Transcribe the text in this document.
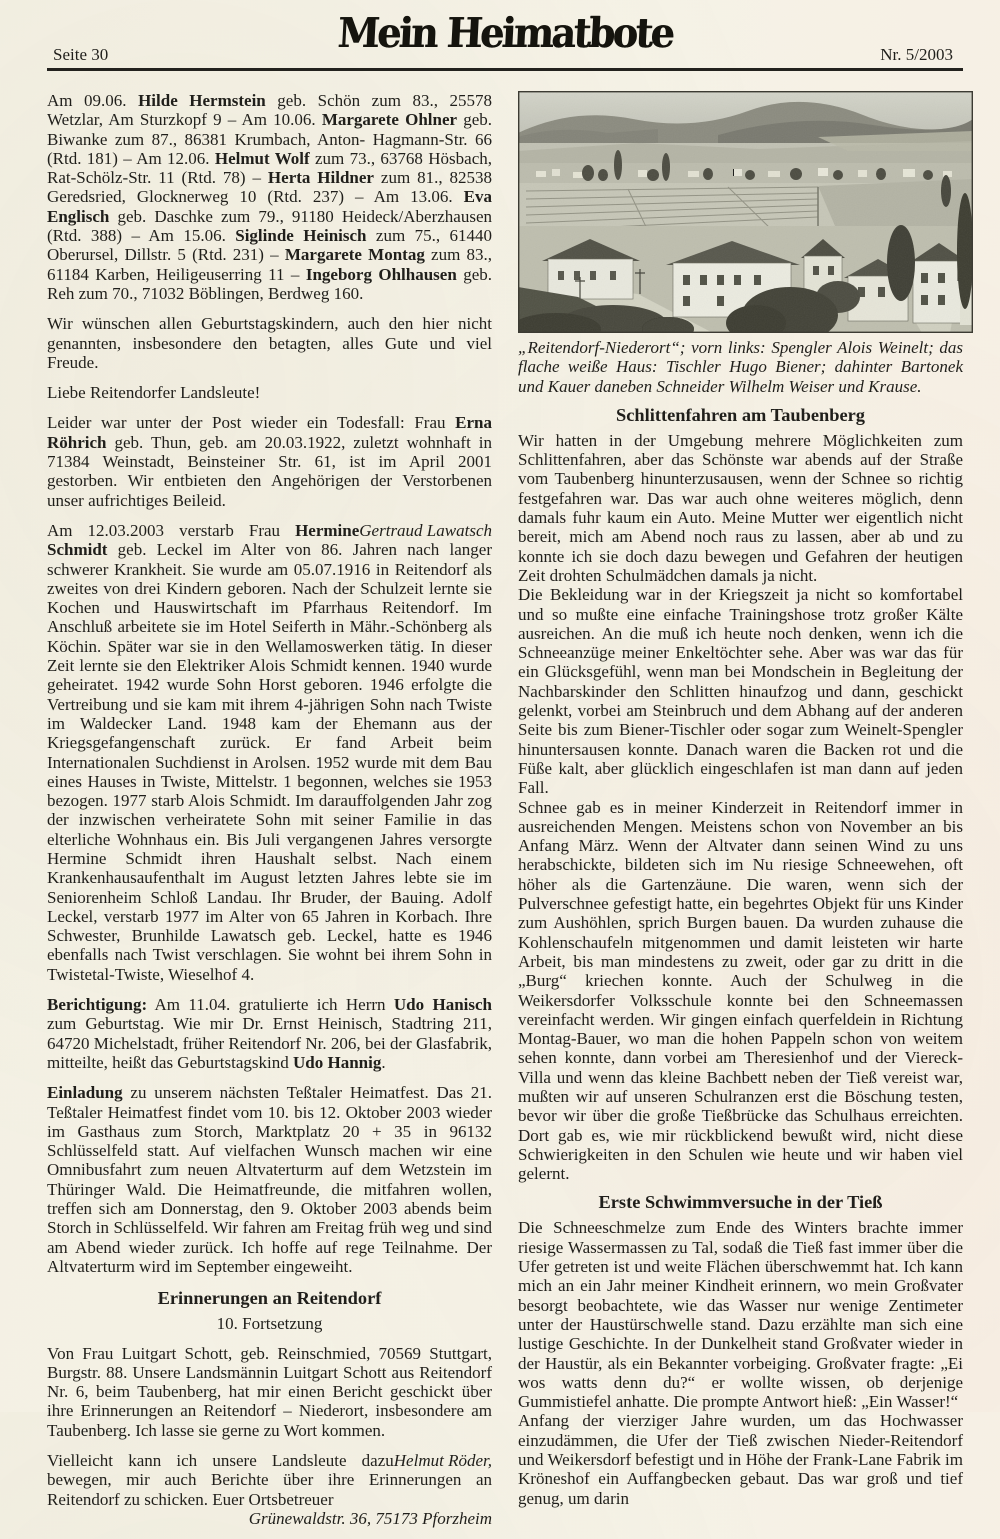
Seite 30	Mein Heimatbote	Nr. 5/2003

Am 09.06. Hilde Hermstein geb. Schön zum 83., 25578 Wetzlar, Am Sturzkopf 9 – Am 10.06. Margarete Ohlner geb. Biwanke zum 87., 86381 Krumbach, Anton- Hagmann-Str. 66 (Rtd. 181) – Am 12.06. Helmut Wolf zum 73., 63768 Hösbach, Rat-Schölz-Str. 11 (Rtd. 78) – Herta Hildner zum 81., 82538 Geredsried, Glocknerweg 10 (Rtd. 237) – Am 13.06. Eva Englisch geb. Daschke zum 79., 91180 Heideck/Aberzhausen (Rtd. 388) – Am 15.06. Siglinde Heinisch zum 75., 61440 Oberursel, Dillstr. 5 (Rtd. 231) – Margarete Montag zum 83., 61184 Karben, Heiligeuserring 11 – Ingeborg Ohlhausen geb. Reh zum 70., 71032 Böblingen, Berdweg 160.

Wir wünschen allen Geburtstagskindern, auch den hier nicht genannten, insbesondere den betagten, alles Gute und viel Freude.

Liebe Reitendorfer Landsleute!

Leider war unter der Post wieder ein Todesfall: Frau Erna Röhrich geb. Thun, geb. am 20.03.1922, zuletzt wohnhaft in 71384 Weinstadt, Beinsteiner Str. 61, ist im April 2001 gestorben. Wir entbieten den Angehörigen der Verstorbenen unser aufrichtiges Beileid.

Gertraud Lawatsch
Am 12.03.2003 verstarb Frau Hermine Schmidt geb. Leckel im Alter von 86. Jahren nach langer schwerer Krankheit. Sie wurde am 05.07.1916 in Reitendorf als zweites von drei Kindern geboren. Nach der Schulzeit lernte sie Kochen und Hauswirtschaft im Pfarrhaus Reitendorf. Im Anschluß arbeitete sie im Hotel Seiferth in Mähr.-Schönberg als Köchin. Später war sie in den Wellamoswerken tätig. In dieser Zeit lernte sie den Elektriker Alois Schmidt kennen. 1940 wurde geheiratet. 1942 wurde Sohn Horst geboren. 1946 erfolgte die Vertreibung und sie kam mit ihrem 4-jährigen Sohn nach Twiste im Waldecker Land. 1948 kam der Ehemann aus der Kriegsgefangenschaft zurück. Er fand Arbeit beim Internationalen Suchdienst in Arolsen. 1952 wurde mit dem Bau eines Hauses in Twiste, Mittelstr. 1 begonnen, welches sie 1953 bezogen. 1977 starb Alois Schmidt. Im darauffolgenden Jahr zog der inzwischen verheiratete Sohn mit seiner Familie in das elterliche Wohnhaus ein. Bis Juli vergangenen Jahres versorgte Hermine Schmidt ihren Haushalt selbst. Nach einem Krankenhausaufenthalt im August letzten Jahres lebte sie im Seniorenheim Schloß Landau. Ihr Bruder, der Bauing. Adolf Leckel, verstarb 1977 im Alter von 65 Jahren in Korbach. Ihre Schwester, Brunhilde Lawatsch geb. Leckel, hatte es 1946 ebenfalls nach Twist verschlagen. Sie wohnt bei ihrem Sohn in Twistetal-Twiste, Wieselhof 4.

Berichtigung: Am 11.04. gratulierte ich Herrn Udo Hanisch zum Geburtstag. Wie mir Dr. Ernst Heinisch, Stadtring 211, 64720 Michelstadt, früher Reitendorf Nr. 206, bei der Glasfabrik, mitteilte, heißt das Geburtstagskind Udo Hannig.

Einladung zu unserem nächsten Teßtaler Heimatfest. Das 21. Teßtaler Heimatfest findet vom 10. bis 12. Oktober 2003 wieder im Gasthaus zum Storch, Marktplatz 20 + 35 in 96132 Schlüsselfeld statt. Auf vielfachen Wunsch machen wir eine Omnibusfahrt zum neuen Altvaterturm auf dem Wetzstein im Thüringer Wald. Die Heimatfreunde, die mitfahren wollen, treffen sich am Donnerstag, den 9. Oktober 2003 abends beim Storch in Schlüsselfeld. Wir fahren am Freitag früh weg und sind am Abend wieder zurück. Ich hoffe auf rege Teilnahme. Der Altvaterturm wird im September eingeweiht.

Erinnerungen an Reitendorf
10. Fortsetzung

Von Frau Luitgart Schott, geb. Reinschmied, 70569 Stuttgart, Burgstr. 88. Unsere Landsmännin Luitgart Schott aus Reitendorf Nr. 6, beim Taubenberg, hat mir einen Bericht geschickt über ihre Erinnerungen an Reitendorf – Niederort, insbesondere am Taubenberg. Ich lasse sie gerne zu Wort kommen.

Helmut Röder,
Vielleicht kann ich unsere Landsleute dazu bewegen, mir auch Berichte über ihre Erinnerungen an Reitendorf zu schicken. Euer Ortsbetreuer

Grünewaldstr. 36, 75173 Pforzheim

„Reitendorf-Niederort“; vorn links: Spengler Alois Weinelt; das flache weiße Haus: Tischler Hugo Biener; dahinter Bartonek und Kauer daneben Schneider Wilhelm Weiser und Krause.

Schlittenfahren am Taubenberg

Wir hatten in der Umgebung mehrere Möglichkeiten zum Schlittenfahren, aber das Schönste war abends auf der Straße vom Taubenberg hinunterzusausen, wenn der Schnee so richtig festgefahren war. Das war auch ohne weiteres möglich, denn damals fuhr kaum ein Auto. Meine Mutter wer eigentlich nicht bereit, mich am Abend noch raus zu lassen, aber ab und zu konnte ich sie doch dazu bewegen und Gefahren der heutigen Zeit drohten Schulmädchen damals ja nicht.

Die Bekleidung war in der Kriegszeit ja nicht so komfortabel und so mußte eine einfache Trainingshose trotz großer Kälte ausreichen. An die muß ich heute noch denken, wenn ich die Schneeanzüge meiner Enkeltöchter sehe. Aber was war das für ein Glücksgefühl, wenn man bei Mondschein in Begleitung der Nachbarskinder den Schlitten hinaufzog und dann, geschickt gelenkt, vorbei am Steinbruch und dem Abhang auf der anderen Seite bis zum Biener-Tischler oder sogar zum Weinelt-Spengler hinuntersausen konnte. Danach waren die Backen rot und die Füße kalt, aber glücklich eingeschlafen ist man dann auf jeden Fall.

Schnee gab es in meiner Kinderzeit in Reitendorf immer in ausreichenden Mengen. Meistens schon von November an bis Anfang März. Wenn der Altvater dann seinen Wind zu uns herabschickte, bildeten sich im Nu riesige Schneewehen, oft höher als die Gartenzäune. Die waren, wenn sich der Pulverschnee gefestigt hatte, ein begehrtes Objekt für uns Kinder zum Aushöhlen, sprich Burgen bauen. Da wurden zuhause die Kohlenschaufeln mitgenommen und damit leisteten wir harte Arbeit, bis man mindestens zu zweit, oder gar zu dritt in die „Burg“ kriechen konnte. Auch der Schulweg in die Weikersdorfer Volksschule konnte bei den Schneemassen vereinfacht werden. Wir gingen einfach querfeldein in Richtung Montag-Bauer, wo man die hohen Pappeln schon von weitem sehen konnte, dann vorbei am Theresienhof und der Viereck-Villa und wenn das kleine Bachbett neben der Tieß vereist war, mußten wir auf unseren Schulranzen erst die Böschung testen, bevor wir über die große Tießbrücke das Schulhaus erreichten. Dort gab es, wie mir rückblickend bewußt wird, nicht diese Schwierigkeiten in den Schulen wie heute und wir haben viel gelernt.

Erste Schwimmversuche in der Tieß

Die Schneeschmelze zum Ende des Winters brachte immer riesige Wassermassen zu Tal, sodaß die Tieß fast immer über die Ufer getreten ist und weite Flächen überschwemmt hat. Ich kann mich an ein Jahr meiner Kindheit erinnern, wo mein Großvater besorgt beobachtete, wie das Wasser nur wenige Zentimeter unter der Haustürschwelle stand. Dazu erzählte man sich eine lustige Geschichte. In der Dunkelheit stand Großvater wieder in der Haustür, als ein Bekannter vorbeiging. Großvater fragte: „Ei wos watts denn du?“ er wollte wissen, ob derjenige Gummistiefel anhatte. Die prompte Antwort hieß: „Ein Wasser!“

Anfang der vierziger Jahre wurden, um das Hochwasser einzudämmen, die Ufer der Tieß zwischen Nieder-Reitendorf und Weikersdorf befestigt und in Höhe der Frank-Lane Fabrik im Kröneshof ein Auffangbecken gebaut. Das war groß und tief genug, um darin
